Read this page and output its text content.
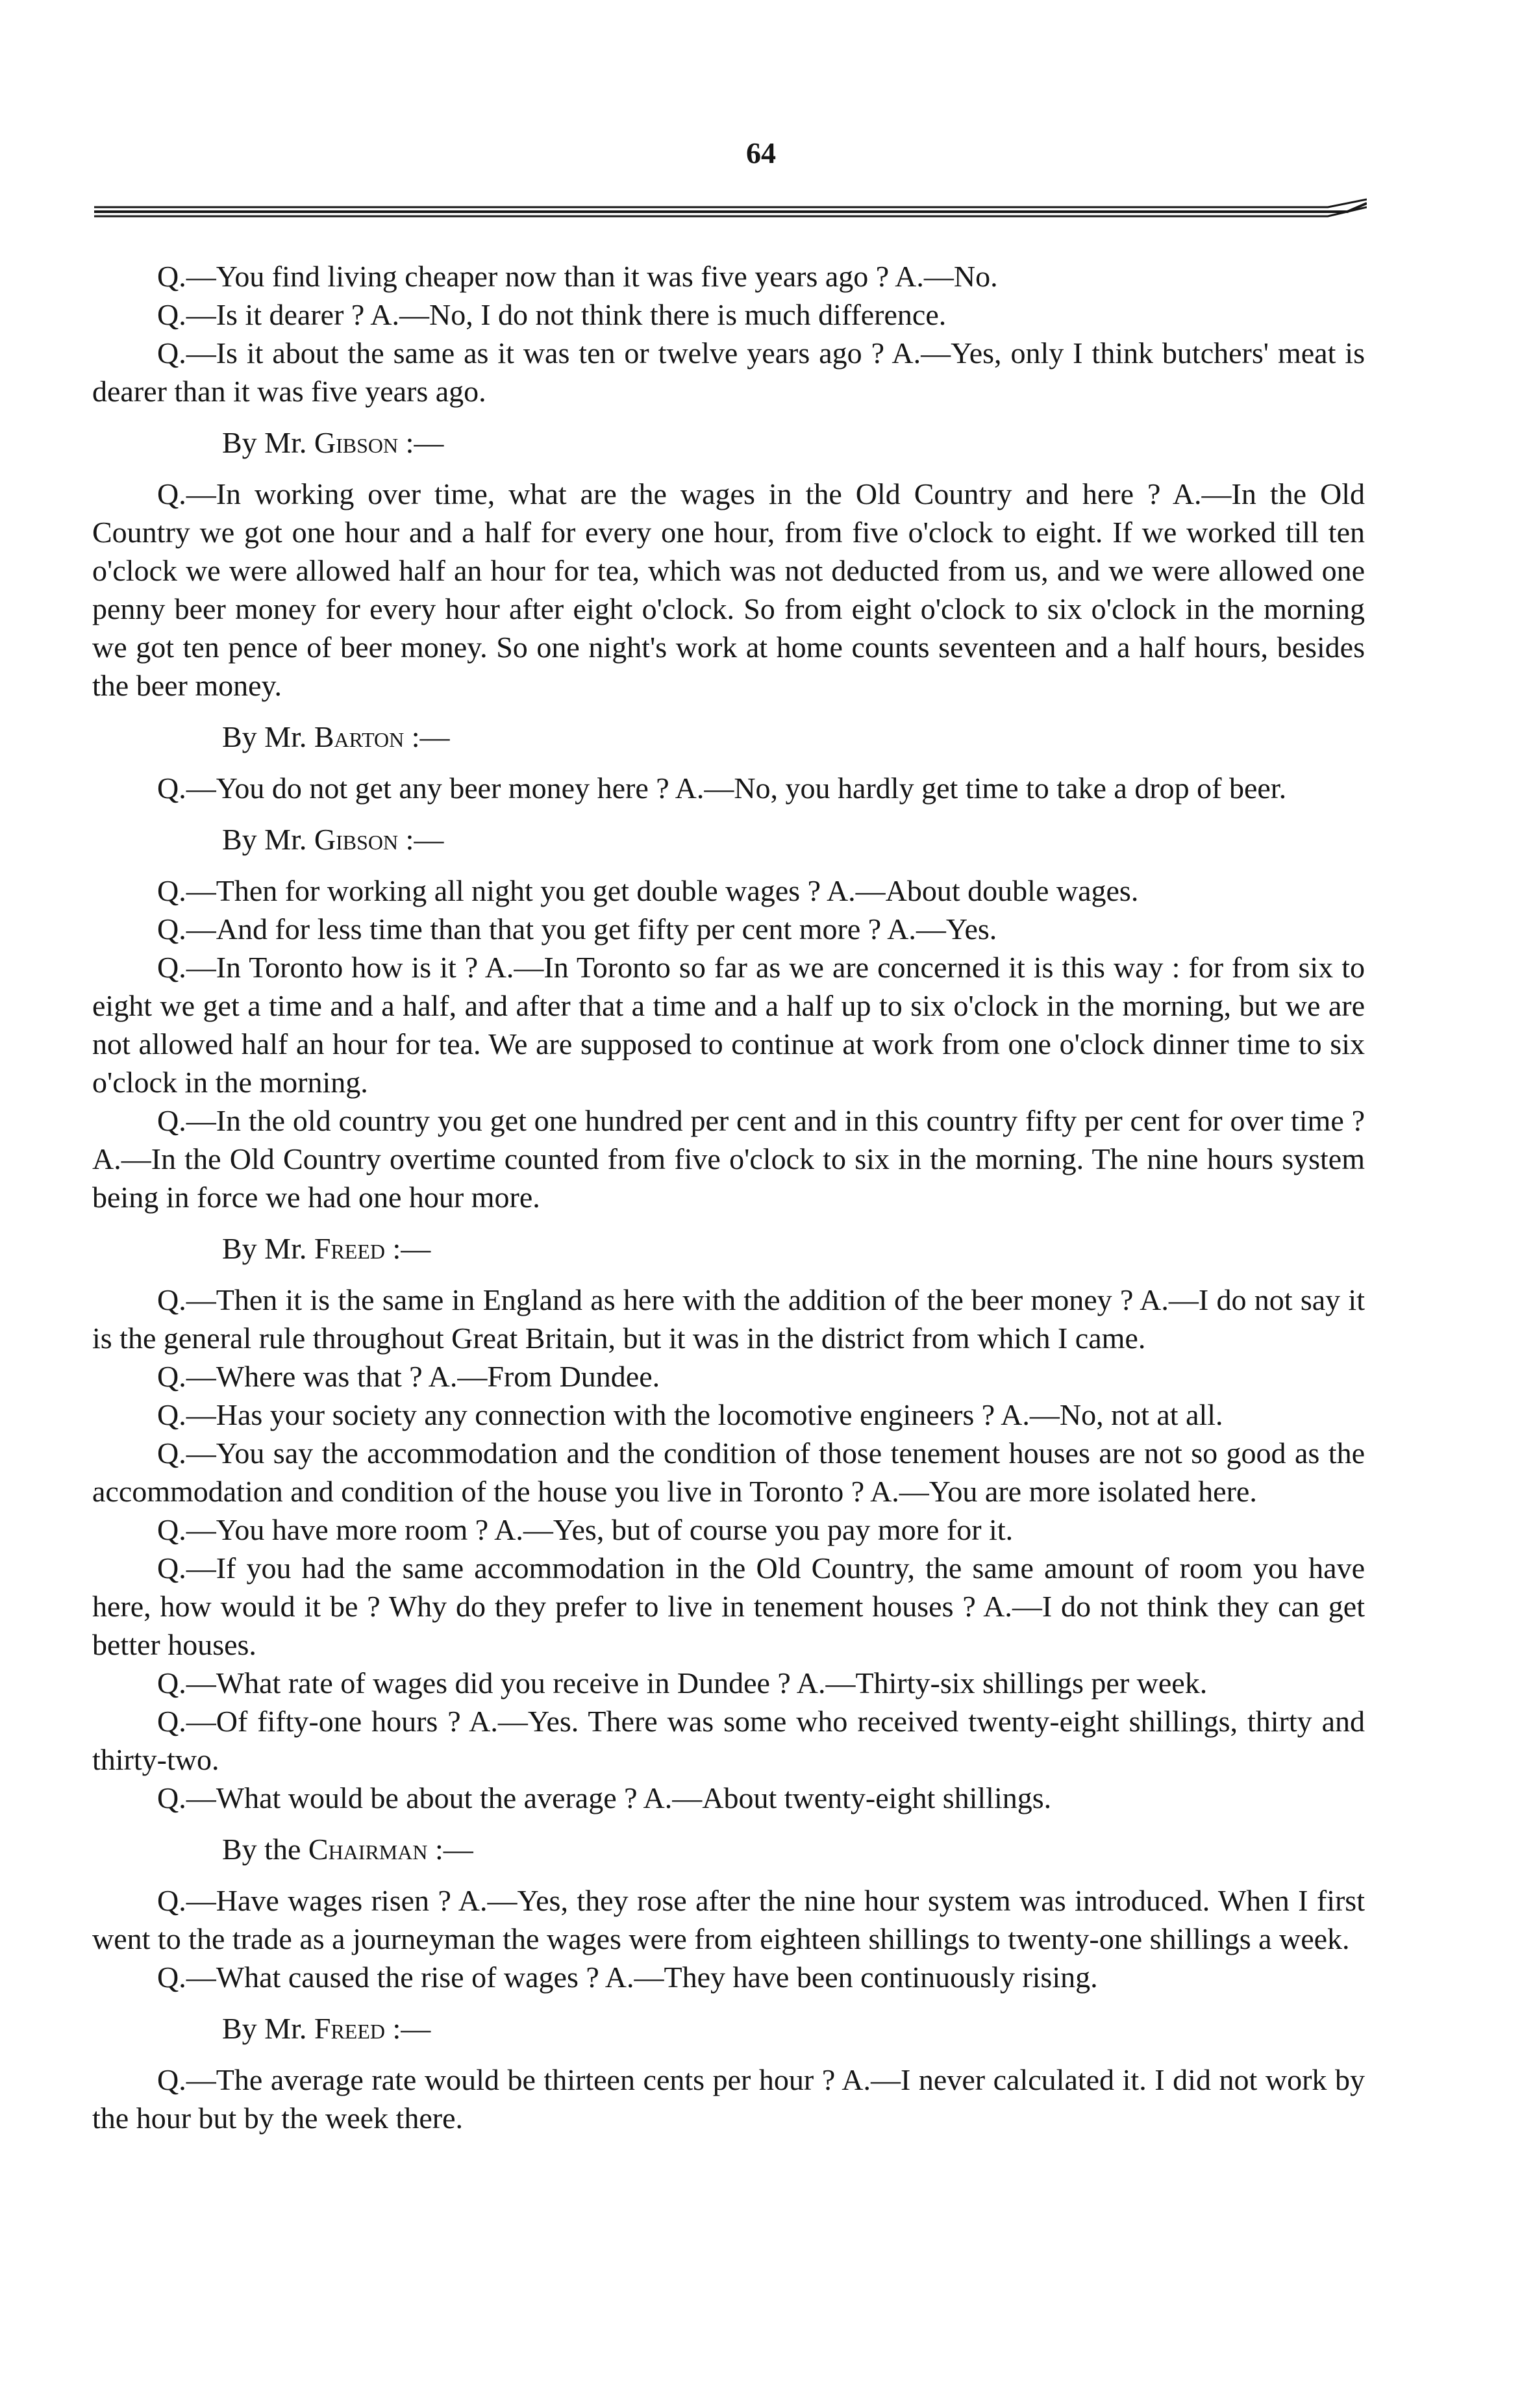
64

Q.—You find living cheaper now than it was five years ago ? A.—No.

Q.—Is it dearer ? A.—No, I do not think there is much difference.

Q.—Is it about the same as it was ten or twelve years ago ? A.—Yes, only I think butchers' meat is dearer than it was five years ago.

By Mr. Gibson :—

Q.—In working over time, what are the wages in the Old Country and here ? A.—In the Old Country we got one hour and a half for every one hour, from five o'clock to eight. If we worked till ten o'clock we were allowed half an hour for tea, which was not deducted from us, and we were allowed one penny beer money for every hour after eight o'clock. So from eight o'clock to six o'clock in the morning we got ten pence of beer money. So one night's work at home counts seventeen and a half hours, besides the beer money.

By Mr. Barton :—

Q.—You do not get any beer money here ? A.—No, you hardly get time to take a drop of beer.

By Mr. Gibson :—

Q.—Then for working all night you get double wages ? A.—About double wages.

Q.—And for less time than that you get fifty per cent more ? A.—Yes.

Q.—In Toronto how is it ? A.—In Toronto so far as we are concerned it is this way : for from six to eight we get a time and a half, and after that a time and a half up to six o'clock in the morning, but we are not allowed half an hour for tea. We are supposed to continue at work from one o'clock dinner time to six o'clock in the morning.

Q.—In the old country you get one hundred per cent and in this country fifty per cent for over time ? A.—In the Old Country overtime counted from five o'clock to six in the morning. The nine hours system being in force we had one hour more.

By Mr. Freed :—

Q.—Then it is the same in England as here with the addition of the beer money ? A.—I do not say it is the general rule throughout Great Britain, but it was in the district from which I came.

Q.—Where was that ? A.—From Dundee.

Q.—Has your society any connection with the locomotive engineers ? A.—No, not at all.

Q.—You say the accommodation and the condition of those tenement houses are not so good as the accommodation and condition of the house you live in Toronto ? A.—You are more isolated here.

Q.—You have more room ? A.—Yes, but of course you pay more for it.

Q.—If you had the same accommodation in the Old Country, the same amount of room you have here, how would it be ? Why do they prefer to live in tenement houses ? A.—I do not think they can get better houses.

Q.—What rate of wages did you receive in Dundee ? A.—Thirty-six shillings per week.

Q.—Of fifty-one hours ? A.—Yes. There was some who received twenty-eight shillings, thirty and thirty-two.

Q.—What would be about the average ? A.—About twenty-eight shillings.

By the Chairman :—

Q.—Have wages risen ? A.—Yes, they rose after the nine hour system was introduced. When I first went to the trade as a journeyman the wages were from eighteen shillings to twenty-one shillings a week.

Q.—What caused the rise of wages ? A.—They have been continuously rising.

By Mr. Freed :—

Q.—The average rate would be thirteen cents per hour ? A.—I never calculated it. I did not work by the hour but by the week there.
